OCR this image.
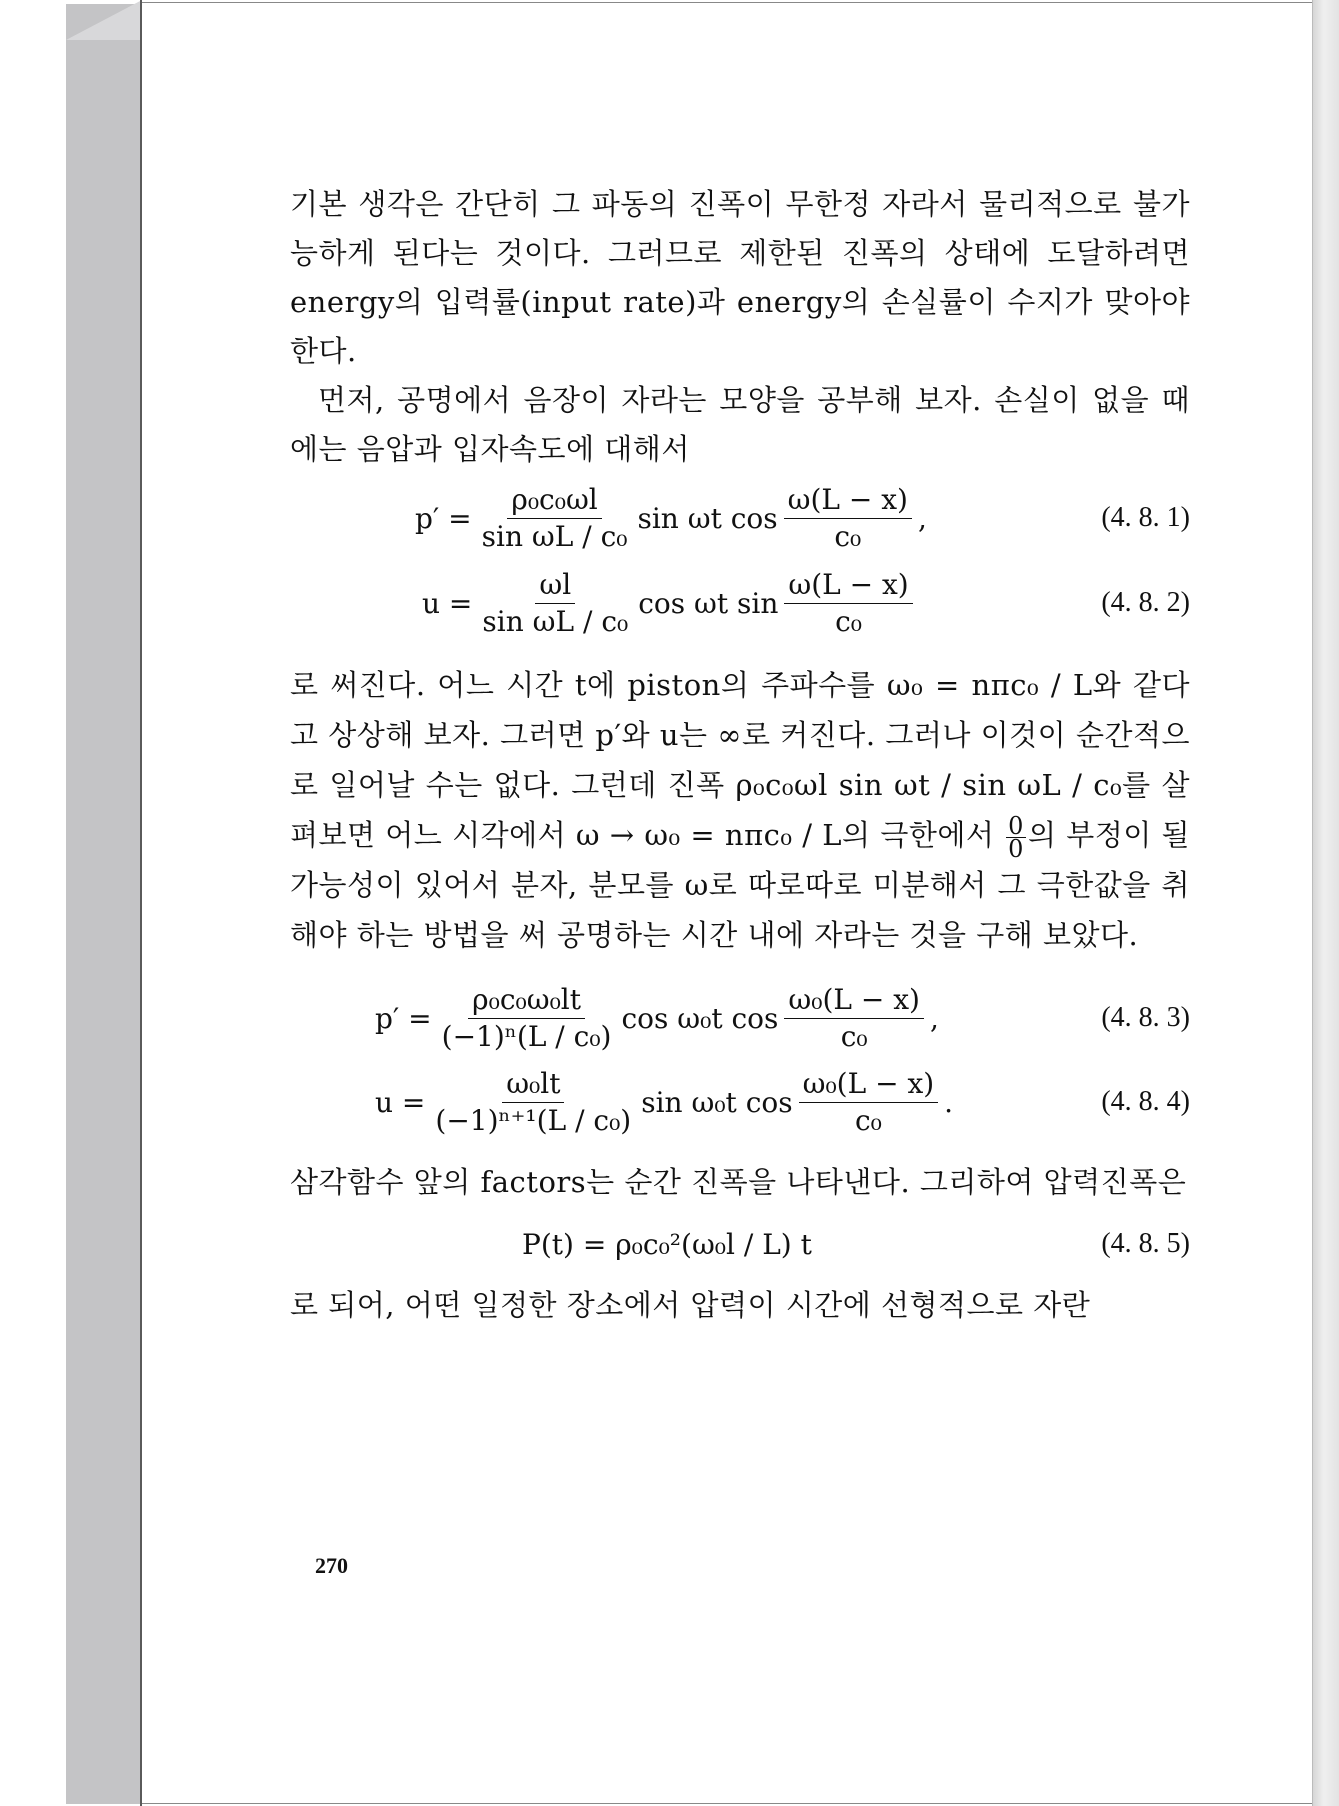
기본 생각은 간단히 그 파동의 진폭이 무한정 자라서 물리적으로 불가능하게 된다는 것이다. 그러므로 제한된 진폭의 상태에 도달하려면 energy의 입력률(input rate)과 energy의 손실률이 수지가 맞아야 한다.

먼저, 공명에서 음장이 자라는 모양을 공부해 보자. 손실이 없을 때에는 음압과 입자속도에 대해서

$p' = \frac{\text{ρ₀c₀ωl}}{\text{sin ωL / c₀}}$ sin ωt $\cos \frac{\omega(L - x)}{\text{c₀}}$ ,	(4. 8. 1)
$u = \frac{\omega l}{\text{sin ωL / c₀}}$ cos ωt $\sin \frac{\omega(L - x)}{\text{c₀}}$	(4. 8. 2)

로 써진다. 어느 시간 t에 piston의 주파수를 ω₀ = nπc₀ / L와 같다고 상상해 보자. 그러면 p′와 u는 ∞로 커진다. 그러나 이것이 순간적으로 일어날 수는 없다. 그런데 진폭 ρ₀c₀ωl sin ωt / sin ωL / c₀를 살펴보면 어느 시각에서 ω → ω₀ = nπc₀ / L의 극한에서 $\frac{0}{0}$ 의 부정이 될 가능성이 있어서 분자, 분모를 ω로 따로따로 미분해서 그 극한값을 취해야 하는 방법을 써 공명하는 시간 내에 자라는 것을 구해 보았다.

$p' = \frac{\text{ρ₀c₀ω₀lt}}{\text{(−1)ⁿ(L / c₀)}}$ cos ω₀t $\cos \frac{\text{ω₀(L − x)}}{\text{c₀}}$ ,	(4. 8. 3)
$u = \frac{\text{ω₀lt}}{\text{(−1)ⁿ⁺¹(L / c₀)}}$ sin ω₀t $\cos \frac{\text{ω₀(L − x)}}{\text{c₀}}$ .	(4. 8. 4)

삼각함수 앞의 factors는 순간 진폭을 나타낸다. 그리하여 압력진폭은

P(t) = ρ₀c₀²(ω₀l / L) t	(4. 8. 5)

로 되어, 어떤 일정한 장소에서 압력이 시간에 선형적으로 자란

270
